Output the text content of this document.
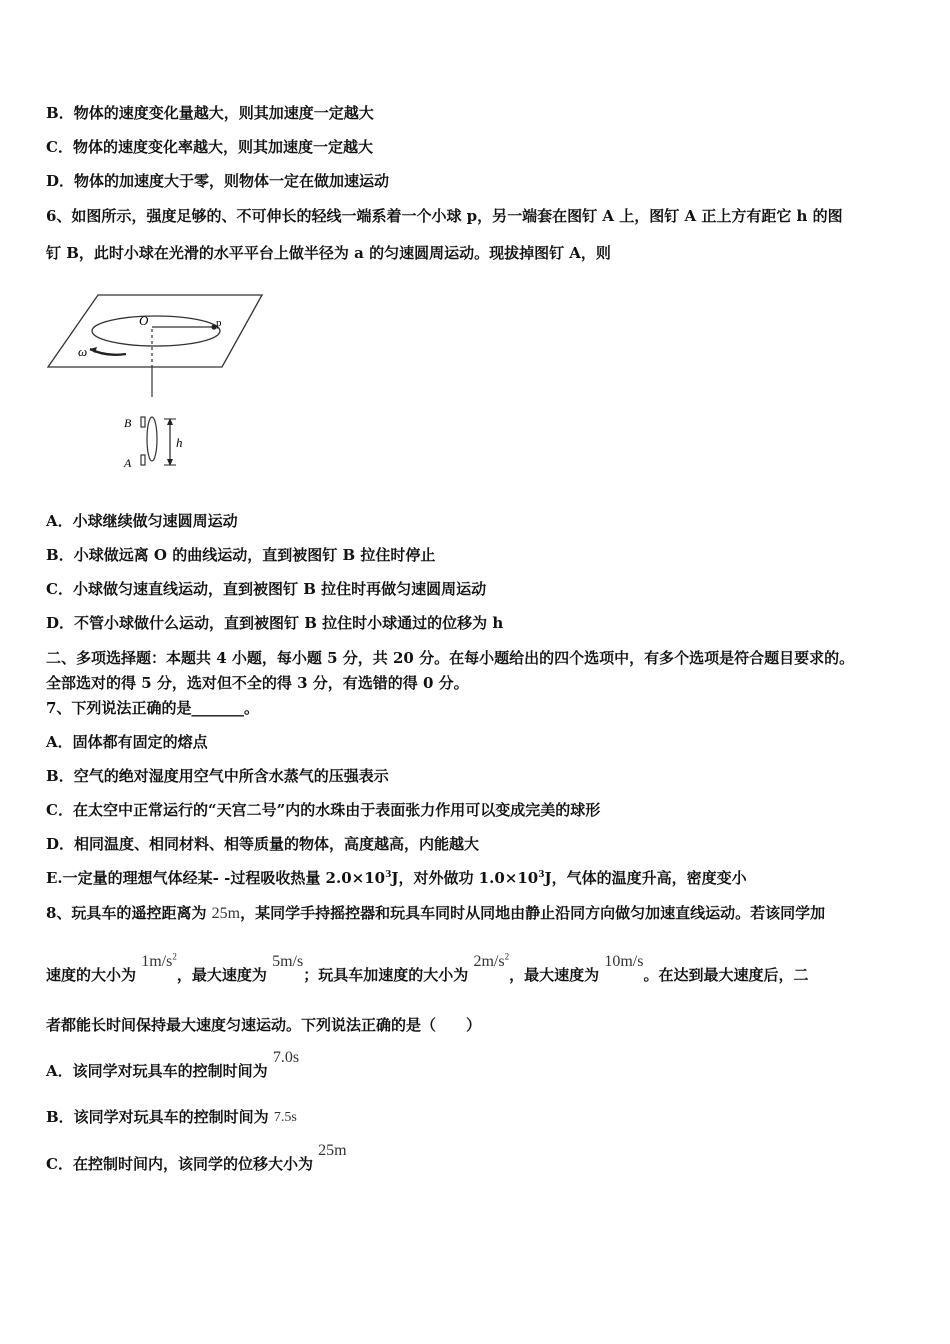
B．物体的速度变化量越大，则其加速度一定越大
C．物体的速度变化率越大，则其加速度一定越大
D．物体的加速度大于零，则物体一定在做加速运动
6、如图所示，强度足够的、不可伸长的轻线一端系着一个小球 p，另一端套在图钉 A 上，图钉 A 正上方有距它 h 的图
钉 B，此时小球在光滑的水平平台上做半径为 a 的匀速圆周运动。现拔掉图钉 A，则
O	p
ω
B
A
h
A．小球继续做匀速圆周运动
B．小球做远离 O 的曲线运动，直到被图钉 B 拉住时停止
C．小球做匀速直线运动，直到被图钉 B 拉住时再做匀速圆周运动
D．不管小球做什么运动，直到被图钉 B 拉住时小球通过的位移为 h
二、多项选择题：本题共 4 小题，每小题 5 分，共 20 分。在每小题给出的四个选项中，有多个选项是符合题目要求的。
全部选对的得 5 分，选对但不全的得 3 分，有选错的得 0 分。
7、下列说法正确的是_______。
A．固体都有固定的熔点
B．空气的绝对湿度用空气中所含水蒸气的压强表示
C．在太空中正常运行的“天宫二号”内的水珠由于表面张力作用可以变成完美的球形
D．相同温度、相同材料、相等质量的物体，高度越高，内能越大
E.一定量的理想气体经某- -过程吸收热量 $2.0\times 10^3J$，对外做功 $1.0\times 10^3J$，气体的温度升高，密度变小
8、玩具车的遥控距离为 25m，某同学手持摇控器和玩具车同时从同地由静止沿同方向做匀加速直线运动。若该同学加
速度的大小为 $1m/s^2$，最大速度为 5m/s；玩具车加速度的大小为 $2m/s^2$，最大速度为 10m/s。在达到最大速度后，二
者都能长时间保持最大速度匀速运动。下列说法正确的是（　　）
A．该同学对玩具车的控制时间为 7.0s
B．该同学对玩具车的控制时间为 7.5s
C．在控制时间内，该同学的位移大小为 25m
